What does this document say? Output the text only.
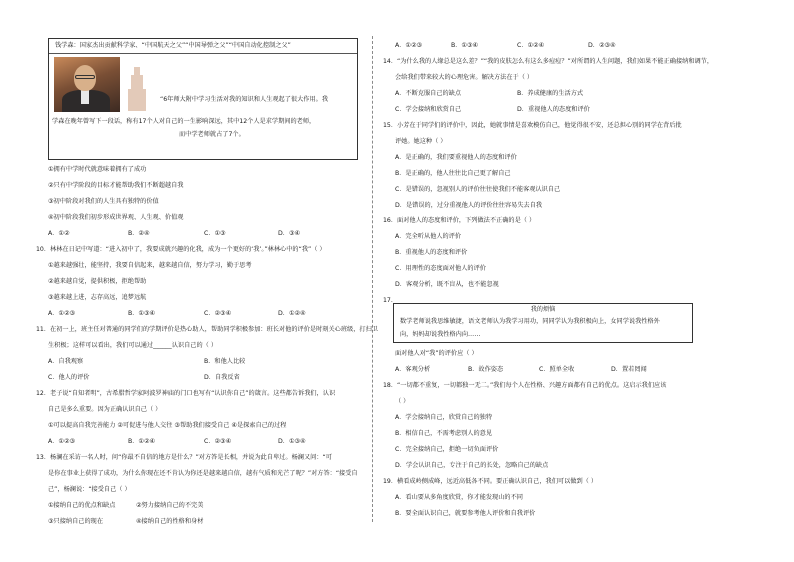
钱学森：国家杰出贡献科学家、“中国航天之父”“中国导弹之父”“中国自动化控制之父”
“6年师大附中学习生活对我的知识和人生观起了很大作用。我
学森在晚年曾写下一段话，称有17个人对自己的一生影响深远，其中12个人是求学期间的老师，
而中学老师就占了7个。
①拥有中学时代就意味着拥有了成功
②只有中学阶段的目标才能帮助我们不断超越自我
③初中阶段对我们的人生具有独特的价值
④初中阶段我们初步形成世界观、人生观、价值观
A．①②	B．②④	C．①③	D．③④
10．林林在日记中写道：“进入初中了，我要成就兴趣的化我，成为一个更好的‘我’。”林林心中的“我”（ ）
①越来越强壮，能坚持，我要自信起来，越来越自信，努力学习，勤于思考
②越来越自觉，提供积极，拒绝帮助
③越来越上进，志存高远，追梦远航
A．①②③	B．①③④	C．②③④	D．①②④
11．在初一上，班主任对普通的同学们的学期评价是热心助人，帮助同学积极参加：班长对他的评价是时刻关心班级，打扫卫
生积极；这样可以看出，我们可以通过______认识自己的（ ）
A．自我观察	B．和他人比较
C．他人的评价	D．自我反省
12．老子说“自知者明”，古希腊哲学家阿波罗神庙的门口也写有“认识你自己”的箴言。这些都告诉我们，认识
自己是多么重要。因为正确认识自己（ ）
①可以提高自我完善能力 ②可促进与他人交往 ③帮助我们接受自己 ④是探索自己的过程
A．①②③	B．①②④	C．②③④	D．①③④
13．杨澜在采访一名人时，问“你最不自信的地方是什么？”对方答是长相，并说为此自卑过。杨澜又问：“可
是你在事业上获得了成功，为什么你现在还不肯认为你还是越来越自信，越有气质和光芒了呢？”对方答：“接受自
己”，杨澜说：“接受自己（ ）
①接纳自己的优点和缺点	②努力接纳自己的不完美
③只接纳自己的现在	④接纳自己的性格和身材
A．①②③	B．①③④	C．①②④	D．②③④
14．“为什么我的人缘总是这么差？”“我的皮肤怎么有这么多痘痘？”对所谓的人生问题，我们如果不能正确接纳和调节，
会给我们带来较大的心理危害。解决方法在于（ ）
A．不断克服自己的缺点	B．养成健康的生活方式
C．学会接纳和欣赏自己	D．重视他人的态度和评价
15．小芳在于同学们的评价中，因此，她就事情是喜欢模仿自己，他觉得很不安，还总担心别的同学在背后批
评她。她这种（ ）
A．是正确的，我们要重视他人的态度和评价
B．是正确的，他人往往比自己更了解自己
C．是错误的，忽视别人的评价往往使我们不能客观认识自己
D．是错误的，过分重视他人的评价往往容易失去自我
16．面对他人的态度和评价，下列做法不正确的是（ ）
A．完全听从他人的评价
B．重视他人的态度和评价
C．用理性的态度面对他人的评价
D．客观分析，既不盲从，也不能忽视
17.
我的烦恼
数学老师说我思维敏捷，语文老师认为我学习用功，同同学认为我积极向上，女同学说我性格外
向，妈妈却说我性格内向……
面对他人对“我”的评价应（ ）
A．客观分析	B．故作姿态	C．照单全收	D．置若罔闻
18．“一切都不重复，一切都独一无二。”我们每个人在性格、兴趣方面都有自己的优点。这启示我们应该
（ ）
A．学会接纳自己，欣赏自己的独特
B．相信自己，不需考虑别人的意见
C．完全接纳自己，拒绝一切负面评价
D．学会认识自己，专注于自己的长处，忽略自己的缺点
19．横看成岭侧成峰，远近高低各不同。要正确认识自己，我们可以做到（ ）
A．看山要从多角度欣赏，你才能发现山的不同
B．要全面认识自己，就要参考他人评价和自我评价
